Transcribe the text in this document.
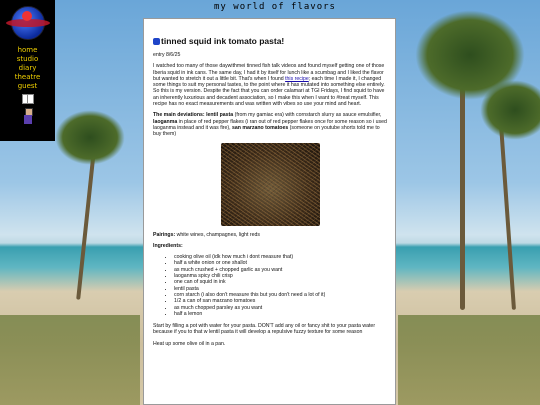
home
studio
diary
theatre
guest
my world of flavors
tinned squid ink tomato pasta!

entry 8/6/25

I watched too many of those daywithmei tinned fish talk videos and found myself getting one of those Iberia squid in ink cans. The same day, I had it by itself for lunch like a scumbag and I liked the flavor but wanted to stretch it out a little bit. That's when I found this recipe; each time I made it, I changed some things to suit my personal tastes, to the point where it has mutated into something else entirely. So this is my version. Despite the fact that you can order calamari at TGI Fridays, I find squid to have an inherently luxurious and decadent association, so I make this when I want to #treat myself. This recipe has no exact measurements and was written with vibes so use your mind and heart.

The main deviations: lentil pasta (from my gamiac era) with cornstarch slurry as sauce emulsifier, laoganma in place of red pepper flakes (i ran out of red pepper flakes once for some reason so i used laoganma instead and it was fire), san marzano tomatoes (someone on youtube shorts told me to buy them)

Pairings: white wines, champagnes, light reds

Ingredients:

• cooking olive oil (idk how much i dont measure that)
• half a white onion or one shallot
• as much crushed + chopped garlic as you want
• laoganma spicy chili crisp
• one can of squid in ink
• lentil pasta
• corn starch (i also don't measure this but you don't need a lot of it)
• 1/2 a can of san marzano tomatoes
• as much chopped parsley as you want
• half a lemon

Start by filling a pot with water for your pasta. DON'T add any oil or fancy shit to your pasta water because if you to that w lentil pasta it will develop a repulsive fuzzy texture for some reason

Heat up some olive oil in a pan.
